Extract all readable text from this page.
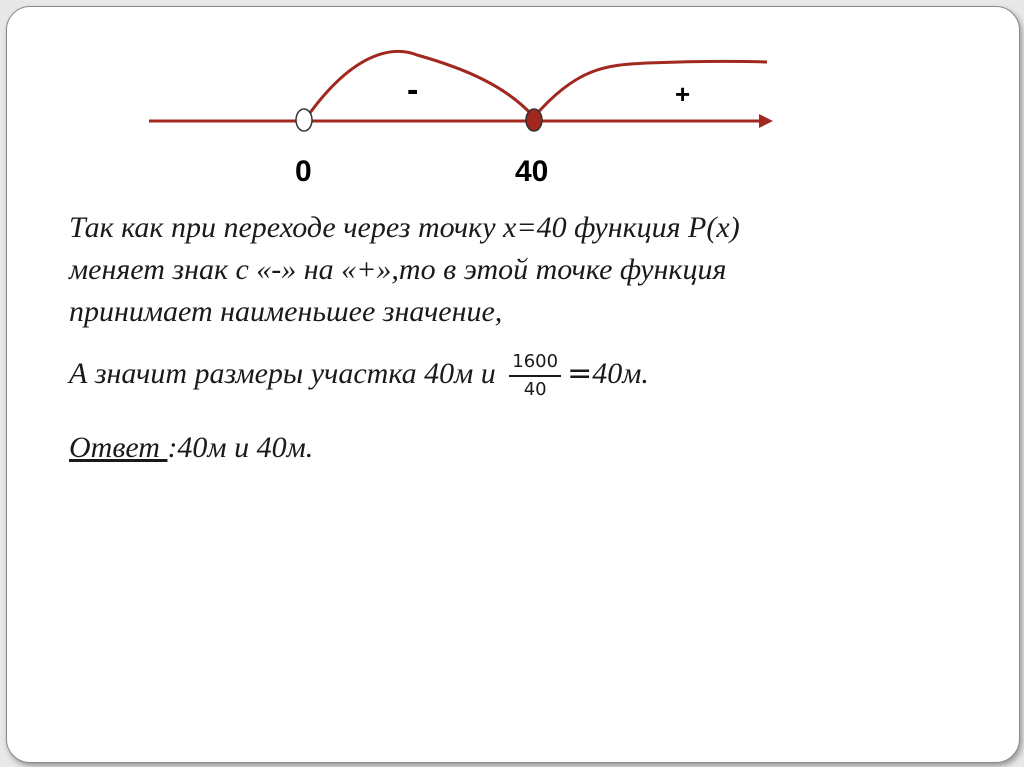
-	+
0	40
Так как при переходе через точку x=40 функция P(x)
меняет знак с «-» на «+»,то в этой точке функция
принимает наименьшее значение,
А значит размеры участка 40м и $\frac{1600}{40} =40м$.
Ответ :40м и 40м.
